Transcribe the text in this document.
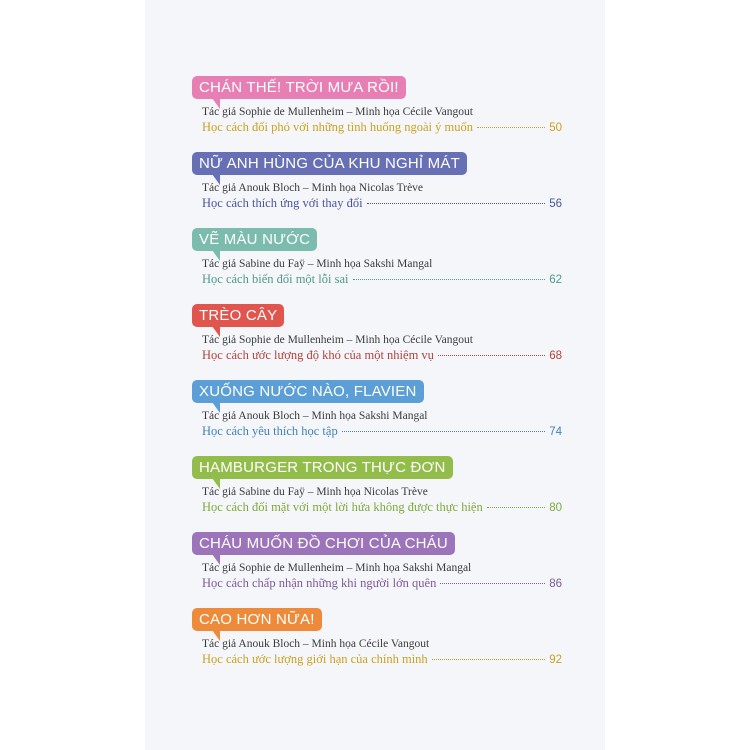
CHÁN THẾ! TRỜI MƯA RỒI!
Tác giả Sophie de Mullenheim – Minh họa Cécile Vangout
Học cách đối phó với những tình huống ngoài ý muốn	50
NỮ ANH HÙNG CỦA KHU NGHỈ MÁT
Tác giả Anouk Bloch – Minh họa Nicolas Trève
Học cách thích ứng với thay đổi	56
VẼ MÀU NƯỚC
Tác giả Sabine du Faÿ – Minh họa Sakshi Mangal
Học cách biến đổi một lỗi sai	62
TRÈO CÂY
Tác giả Sophie de Mullenheim – Minh họa Cécile Vangout
Học cách ước lượng độ khó của một nhiệm vụ	68
XUỐNG NƯỚC NÀO, FLAVIEN
Tác giả Anouk Bloch – Minh họa Sakshi Mangal
Học cách yêu thích học tập	74
HAMBURGER TRONG THỰC ĐƠN
Tác giả Sabine du Faÿ – Minh họa Nicolas Trève
Học cách đối mặt với một lời hứa không được thực hiện	80
CHÁU MUỐN ĐỒ CHƠI CỦA CHÁU
Tác giả Sophie de Mullenheim – Minh họa Sakshi Mangal
Học cách chấp nhận những khi người lớn quên	86
CAO HƠN NỮA!
Tác giả Anouk Bloch – Minh họa Cécile Vangout
Học cách ước lượng giới hạn của chính mình	92
